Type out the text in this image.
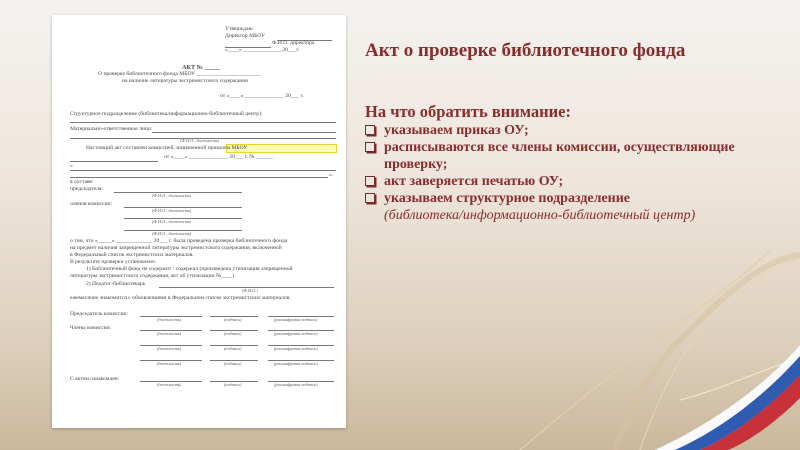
Утверждаю
Директор МБОУ
Ф.И.О. директора
«____» ______________20___г.
АКТ № _____
О проверке библиотечного фонда МБОУ _______________________
на наличие литературы экстремистского содержания
от «____» ______________ 20___ г.
Структурное подразделение (библиотека/информационно-библиотечный центр):
Материально-ответственное лицо:
(Ф.И.О., должность)
Настоящий акт составлен комиссией, назначенной приказом МБОУ
от «____» ______________ 20___ г. № ______
«
».
в составе:
председателя:
(Ф.И.О., должность)
членов комиссии:
(Ф.И.О., должность)
(Ф.И.О., должность)
(Ф.И.О., должность)
о том, что «_____» _____________ 20___ г. была проведена проверка библиотечного фонда
на предмет наличия запрещенной литературы экстремистского содержания, включенной
в Федеральный список экстремистских материалов.
В результате проверки установлено:
1) Библиотечный фонд не содержит / содержал (произведена утилизация запрещенной
литературы экстремистского содержания, акт об утилизации №____).
2) Педагог-библиотекарь
(Ф.И.О.)
ежемесячно знакомится с обновлениями в Федеральном списке экстремистских материалов.
Председатель комиссии:
(должность)	(подпись)	(расшифровка подписи)
Члены комиссии:
(должность)	(подпись)	(расшифровка подписи)
(должность)	(подпись)	(расшифровка подписи)
(должность)	(подпись)	(расшифровка подписи)
С актом ознакомлен:
(должность)	(подпись)	(расшифровка подписи)
Акт о проверке библиотечного фонда
На что обратить внимание:
указываем приказ ОУ;
расписываются все члены комиссии, осуществляющие проверку;
акт заверяется печатью ОУ;
указываем структурное подразделение
(библиотека/информационно-библиотечный центр)
